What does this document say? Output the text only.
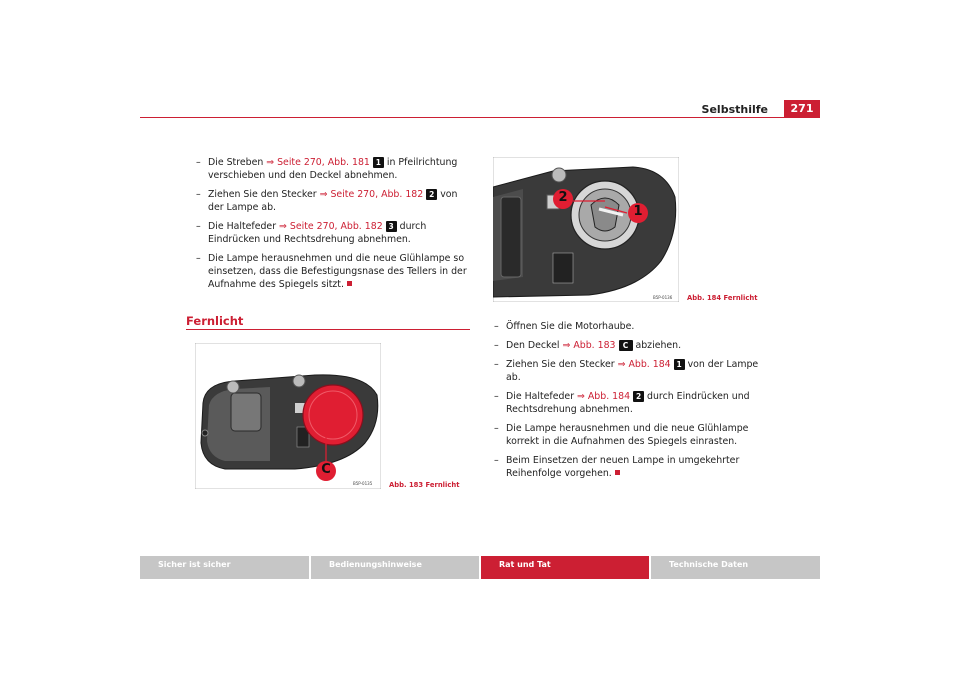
Selbsthilfe	271

– Die Streben ⇒ Seite 270, Abb. 181 1 in Pfeilrichtung verschieben und den Deckel abnehmen.

– Ziehen Sie den Stecker ⇒ Seite 270, Abb. 182 2 von der Lampe ab.

– Die Haltefeder ⇒ Seite 270, Abb. 182 3 durch Eindrücken und Rechtsdrehung abnehmen.

– Die Lampe herausnehmen und die neue Glühlampe so einsetzen, dass die Befestigungsnase des Tellers in der Aufnahme des Spiegels sitzt.

Fernlicht
C
B5P-0135 Abb. 183 Fernlicht
2
1
B5P-0136 Abb. 184 Fernlicht

– Öffnen Sie die Motorhaube.

– Den Deckel ⇒ Abb. 183 C abziehen.

– Ziehen Sie den Stecker ⇒ Abb. 184 1 von der Lampe ab.

– Die Haltefeder ⇒ Abb. 184 2 durch Eindrücken und Rechtsdrehung abnehmen.

– Die Lampe herausnehmen und die neue Glühlampe korrekt in die Aufnahmen des Spiegels einrasten.

– Beim Einsetzen der neuen Lampe in umgekehrter Reihenfolge vorgehen.

Sicher ist sicher	Bedienungshinweise	Rat und Tat	Technische Daten
